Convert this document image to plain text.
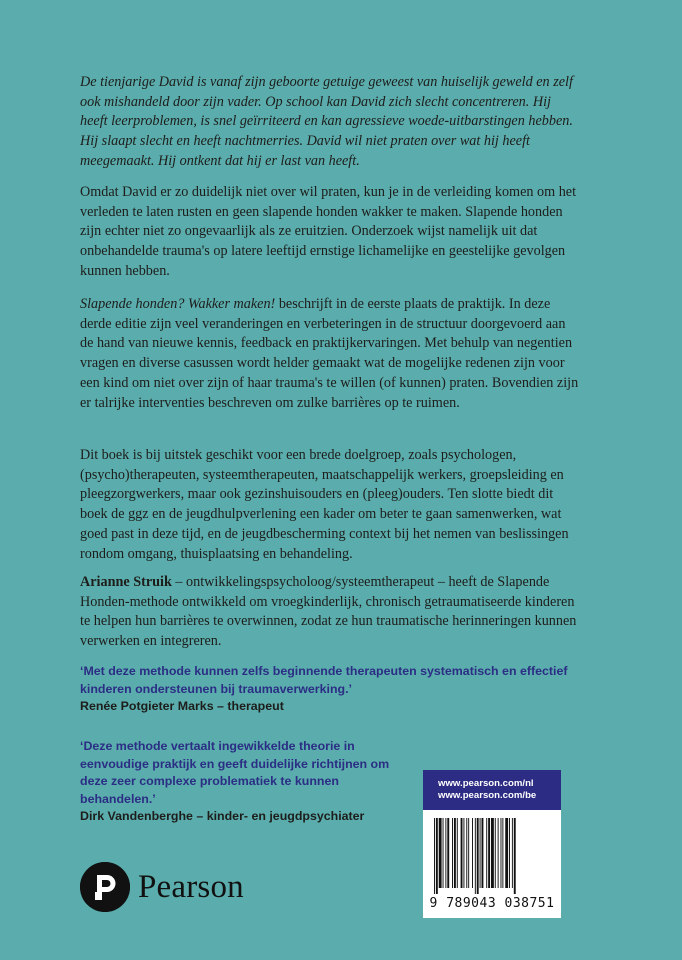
De tienjarige David is vanaf zijn geboorte getuige geweest van huiselijk geweld en zelf ook mishandeld door zijn vader. Op school kan David zich slecht concentreren. Hij heeft leerproblemen, is snel geïrriteerd en kan agressieve woede-uitbarstingen hebben. Hij slaapt slecht en heeft nachtmerries. David wil niet praten over wat hij heeft meegemaakt. Hij ontkent dat hij er last van heeft.

Omdat David er zo duidelijk niet over wil praten, kun je in de verleiding komen om het verleden te laten rusten en geen slapende honden wakker te maken. Slapende honden zijn echter niet zo ongevaarlijk als ze eruitzien. Onderzoek wijst namelijk uit dat onbehandelde trauma's op latere leeftijd ernstige lichamelijke en geestelijke gevolgen kunnen hebben.

Slapende honden? Wakker maken! beschrijft in de eerste plaats de praktijk. In deze derde editie zijn veel veranderingen en verbeteringen in de structuur doorgevoerd aan de hand van nieuwe kennis, feedback en praktijkervaringen. Met behulp van negentien vragen en diverse casussen wordt helder gemaakt wat de mogelijke redenen zijn voor een kind om niet over zijn of haar trauma's te willen (of kunnen) praten. Bovendien zijn er talrijke interventies beschreven om zulke barrières op te ruimen.

Dit boek is bij uitstek geschikt voor een brede doelgroep, zoals psychologen, (psycho)therapeuten, systeemtherapeuten, maatschappelijk werkers, groepsleiding en pleegzorgwerkers, maar ook gezinshuisouders en (pleeg)ouders. Ten slotte biedt dit boek de ggz en de jeugdhulpverlening een kader om beter te gaan samenwerken, wat goed past in deze tijd, en de jeugdbescherming context bij het nemen van beslissingen rondom omgang, thuisplaatsing en behandeling.

Arianne Struik – ontwikkelingspsycholoog/systeemtherapeut – heeft de Slapende Honden-methode ontwikkeld om vroegkinderlijk, chronisch getraumatiseerde kinderen te helpen hun barrières te overwinnen, zodat ze hun traumatische herinneringen kunnen verwerken en integreren.

‘Met deze methode kunnen zelfs beginnende therapeuten systematisch en effectief kinderen ondersteunen bij traumaverwerking.’
Renée Potgieter Marks – therapeut
‘Deze methode vertaalt ingewikkelde theorie in eenvoudige praktijk en geeft duidelijke richtijnen om deze zeer complexe problematiek te kunnen behandelen.’
Dirk Vandenberghe – kinder- en jeugdpsychiater
Pearson
www.pearson.com/nl
www.pearson.com/be
9 789043 038751
